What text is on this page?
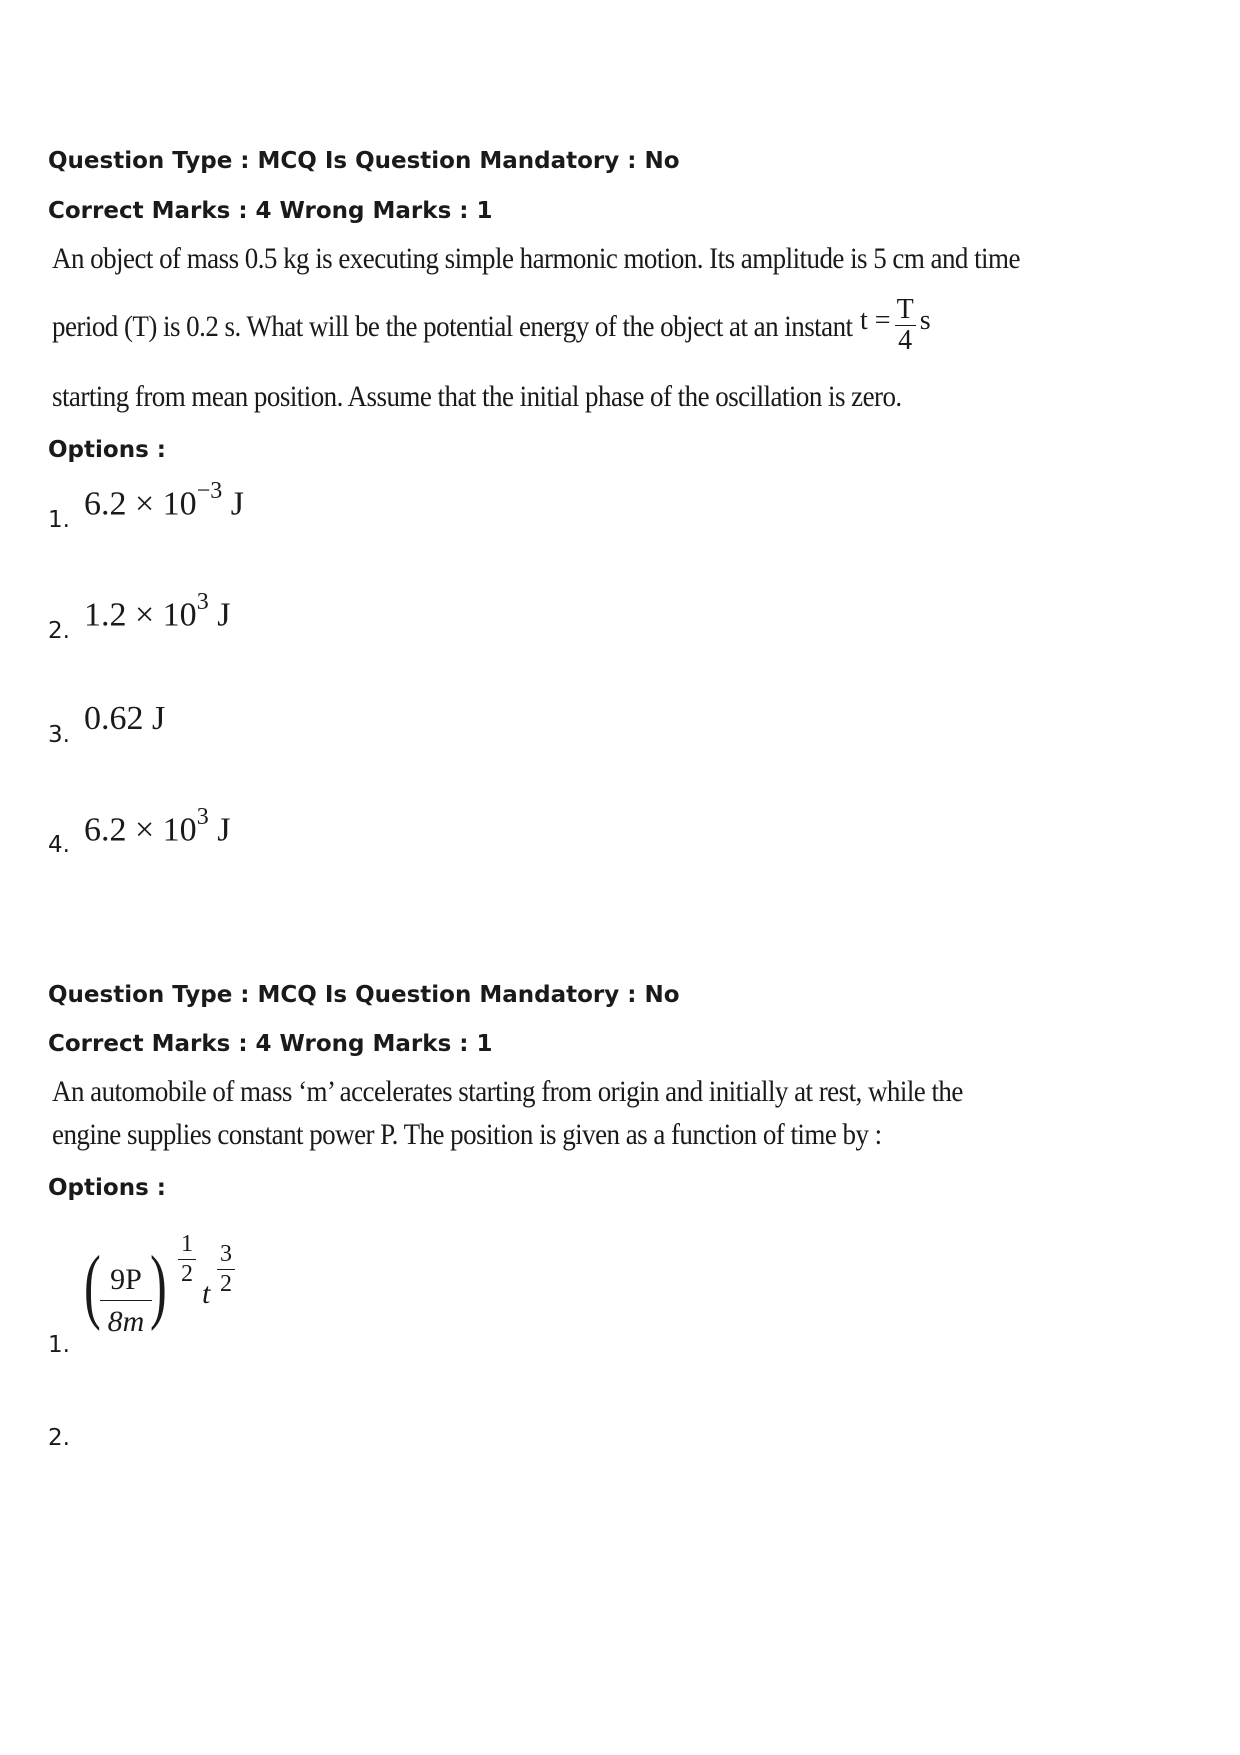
Question Type : MCQ Is Question Mandatory : No
Correct Marks : 4 Wrong Marks : 1
An object of mass 0.5 kg is executing simple harmonic motion. Its amplitude is 5 cm and time
period (T) is 0.2 s. What will be the potential energy of the object at an instant $t = \frac{T}{4}$ s
starting from mean position. Assume that the initial phase of the oscillation is zero.
Options :
1. $6.2 \times 10^{-3}$ J
2. $1.2 \times 10^3$ J
3. 0.62 J
4. $6.2 \times 10^3$ J
Question Type : MCQ Is Question Mandatory : No
Correct Marks : 4 Wrong Marks : 1
An automobile of mass ‘m’ accelerates starting from origin and initially at rest, while the
engine supplies constant power P. The position is given as a function of time by :
Options :
1.
( 9P
8m ) 1
2
t
3
2
2.
